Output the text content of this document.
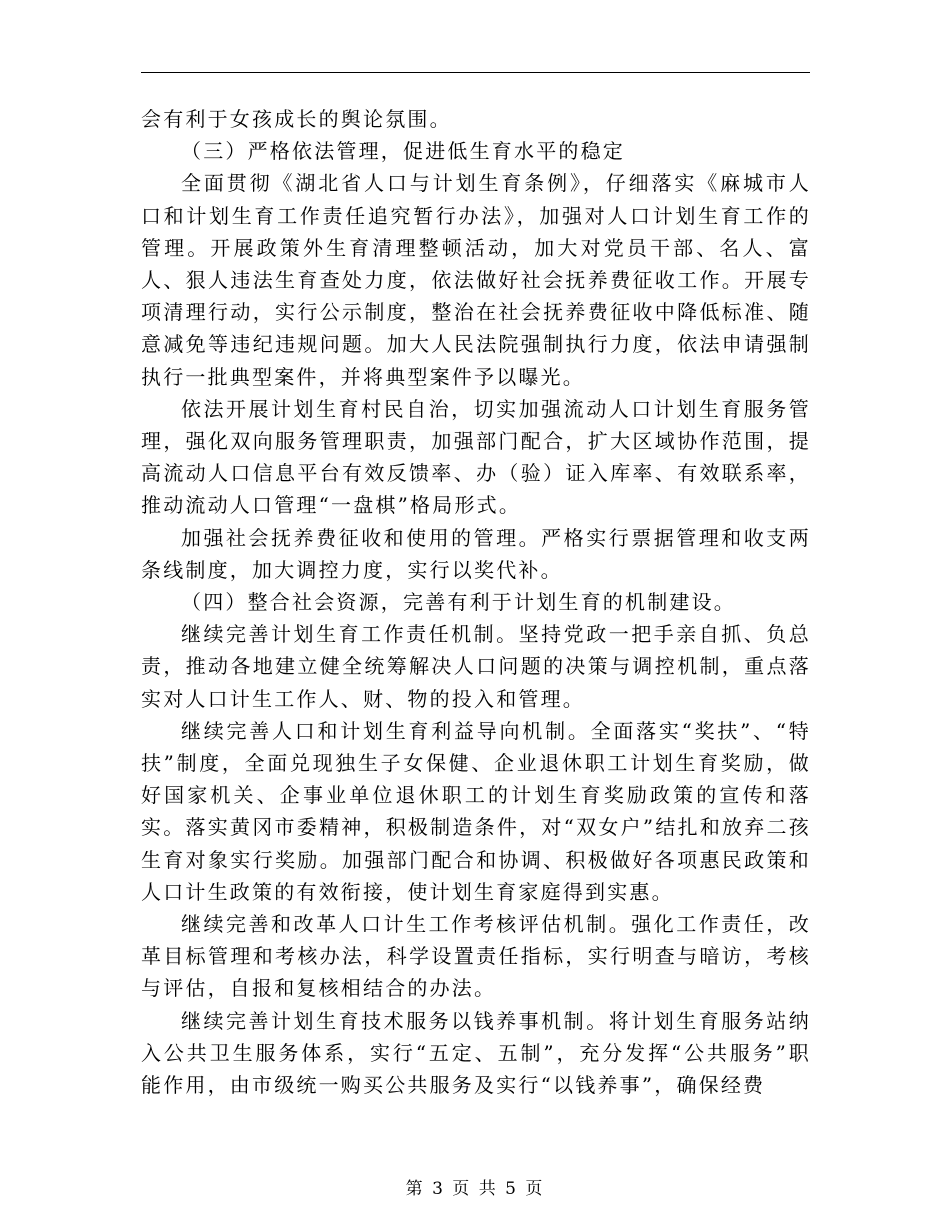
会有利于女孩成长的舆论氛围。

（三）严格依法管理，促进低生育水平的稳定

全面贯彻《湖北省人口与计划生育条例》，仔细落实《麻城市人口和计划生育工作责任追究暂行办法》，加强对人口计划生育工作的管理。开展政策外生育清理整顿活动，加大对党员干部、名人、富人、狠人违法生育查处力度，依法做好社会抚养费征收工作。开展专项清理行动，实行公示制度，整治在社会抚养费征收中降低标准、随意减免等违纪违规问题。加大人民法院强制执行力度，依法申请强制执行一批典型案件，并将典型案件予以曝光。

依法开展计划生育村民自治，切实加强流动人口计划生育服务管理，强化双向服务管理职责，加强部门配合，扩大区域协作范围，提高流动人口信息平台有效反馈率、办（验）证入库率、有效联系率，推动流动人口管理“一盘棋”格局形式。

加强社会抚养费征收和使用的管理。严格实行票据管理和收支两条线制度，加大调控力度，实行以奖代补。

（四）整合社会资源，完善有利于计划生育的机制建设。

继续完善计划生育工作责任机制。坚持党政一把手亲自抓、负总责，推动各地建立健全统筹解决人口问题的决策与调控机制，重点落实对人口计生工作人、财、物的投入和管理。

继续完善人口和计划生育利益导向机制。全面落实“奖扶”、“特扶”制度，全面兑现独生子女保健、企业退休职工计划生育奖励，做好国家机关、企事业单位退休职工的计划生育奖励政策的宣传和落实。落实黄冈市委精神，积极制造条件，对“双女户”结扎和放弃二孩生育对象实行奖励。加强部门配合和协调、积极做好各项惠民政策和人口计生政策的有效衔接，使计划生育家庭得到实惠。

继续完善和改革人口计生工作考核评估机制。强化工作责任，改革目标管理和考核办法，科学设置责任指标，实行明查与暗访，考核与评估，自报和复核相结合的办法。

继续完善计划生育技术服务以钱养事机制。将计划生育服务站纳入公共卫生服务体系，实行“五定、五制”，充分发挥“公共服务”职能作用，由市级统一购买公共服务及实行“以钱养事”，确保经费

第 3 页 共 5 页
